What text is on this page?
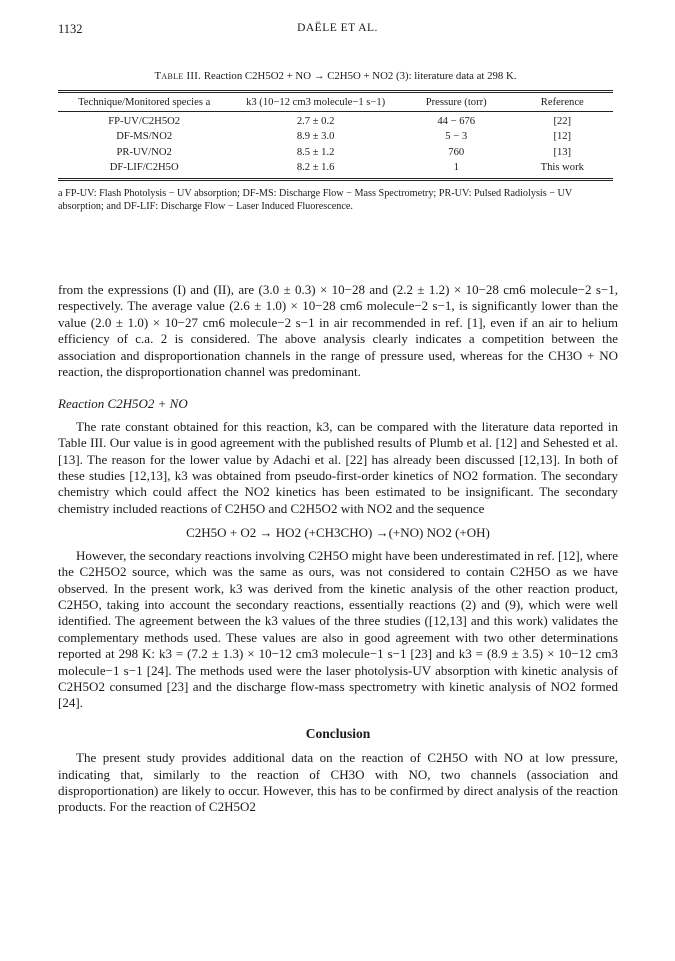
1132	DAËLE ET AL.
Table III. Reaction C2H5O2 + NO → C2H5O + NO2 (3): literature data at 298 K.
Technique/Monitored species a	k3 (10−12 cm3 molecule−1 s−1)	Pressure (torr)	Reference
FP-UV/C2H5O2	2.7 ± 0.2	44 − 676	[22]
DF-MS/NO2	8.9 ± 3.0	5 − 3	[12]
PR-UV/NO2	8.5 ± 1.2	760	[13]
DF-LIF/C2H5O	8.2 ± 1.6	1	This work
a FP-UV: Flash Photolysis − UV absorption; DF-MS: Discharge Flow − Mass Spectrometry; PR-UV: Pulsed Radiolysis − UV absorption; and DF-LIF: Discharge Flow − Laser Induced Fluorescence.

from the expressions (I) and (II), are (3.0 ± 0.3) × 10−28 and (2.2 ± 1.2) × 10−28 cm6 molecule−2 s−1, respectively. The average value (2.6 ± 1.0) × 10−28 cm6 molecule−2 s−1, is significantly lower than the value (2.0 ± 1.0) × 10−27 cm6 molecule−2 s−1 in air recommended in ref. [1], even if an air to helium efficiency of c.a. 2 is considered. The above analysis clearly indicates a competition between the association and disproportionation channels in the range of pressure used, whereas for the CH3O + NO reaction, the disproportionation channel was predominant.

Reaction C2H5O2 + NO

The rate constant obtained for this reaction, k3, can be compared with the literature data reported in Table III. Our value is in good agreement with the published results of Plumb et al. [12] and Sehested et al. [13]. The reason for the lower value by Adachi et al. [22] has already been discussed [12,13]. In both of these studies [12,13], k3 was obtained from pseudo-first-order kinetics of NO2 formation. The secondary chemistry which could affect the NO2 kinetics has been estimated to be insignificant. The secondary chemistry included reactions of C2H5O and C2H5O2 with NO2 and the sequence

C2H5O + O2 → HO2 (+CH3CHO) →(+NO) NO2 (+OH)

However, the secondary reactions involving C2H5O might have been underestimated in ref. [12], where the C2H5O2 source, which was the same as ours, was not considered to contain C2H5O as we have observed. In the present work, k3 was derived from the kinetic analysis of the other reaction product, C2H5O, taking into account the secondary reactions, essentially reactions (2) and (9), which were well identified. The agreement between the k3 values of the three studies ([12,13] and this work) validates the complementary methods used. These values are also in good agreement with two other determinations reported at 298 K: k3 = (7.2 ± 1.3) × 10−12 cm3 molecule−1 s−1 [23] and k3 = (8.9 ± 3.5) × 10−12 cm3 molecule−1 s−1 [24]. The methods used were the laser photolysis-UV absorption with kinetic analysis of C2H5O2 consumed [23] and the discharge flow-mass spectrometry with kinetic analysis of NO2 formed [24].

Conclusion

The present study provides additional data on the reaction of C2H5O with NO at low pressure, indicating that, similarly to the reaction of CH3O with NO, two channels (association and disproportionation) are likely to occur. However, this has to be confirmed by direct analysis of the reaction products. For the reaction of C2H5O2
